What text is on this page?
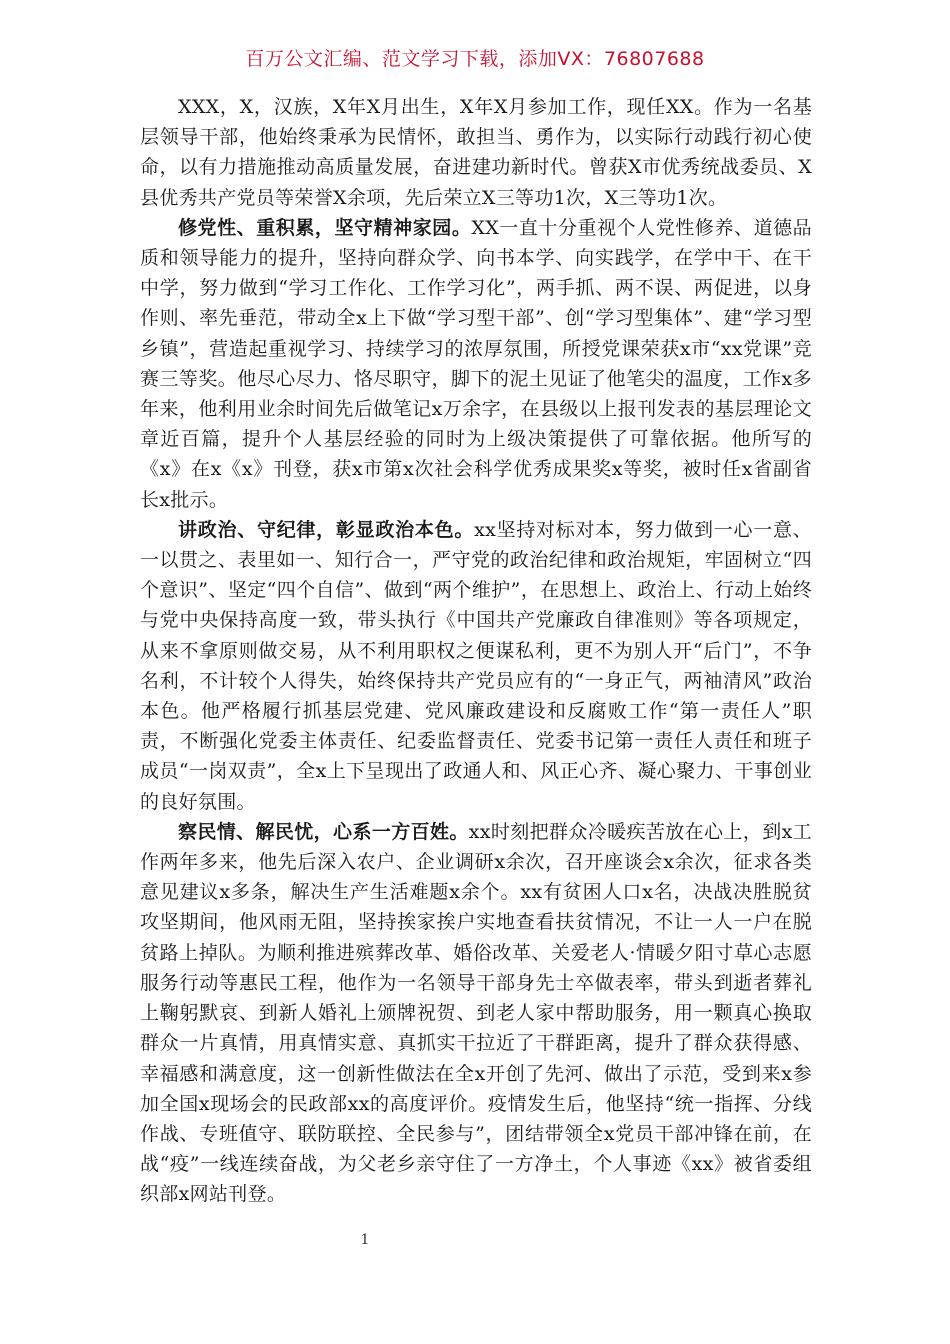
百万公文汇编、范文学习下载，添加VX：76807688

XXX，X，汉族，X年X月出生，X年X月参加工作，现任XX。作为一名基层领导干部，他始终秉承为民情怀，敢担当、勇作为，以实际行动践行初心使命，以有力措施推动高质量发展，奋进建功新时代。曾获X市优秀统战委员、X县优秀共产党员等荣誉X余项，先后荣立X三等功1次，X三等功1次。

修党性、重积累，坚守精神家园。XX一直十分重视个人党性修养、道德品质和领导能力的提升，坚持向群众学、向书本学、向实践学，在学中干、在干中学，努力做到“学习工作化、工作学习化”，两手抓、两不误、两促进，以身作则、率先垂范，带动全x上下做“学习型干部”、创“学习型集体”、建“学习型乡镇”，营造起重视学习、持续学习的浓厚氛围，所授党课荣获x市“xx党课”竞赛三等奖。他尽心尽力、恪尽职守，脚下的泥土见证了他笔尖的温度，工作x多年来，他利用业余时间先后做笔记x万余字，在县级以上报刊发表的基层理论文章近百篇，提升个人基层经验的同时为上级决策提供了可靠依据。他所写的《x》在x《x》刊登，获x市第x次社会科学优秀成果奖x等奖，被时任x省副省长x批示。

讲政治、守纪律，彰显政治本色。xx坚持对标对本，努力做到一心一意、一以贯之、表里如一、知行合一，严守党的政治纪律和政治规矩，牢固树立“四个意识”、坚定“四个自信”、做到“两个维护”，在思想上、政治上、行动上始终与党中央保持高度一致，带头执行《中国共产党廉政自律准则》等各项规定，从来不拿原则做交易，从不利用职权之便谋私利，更不为别人开“后门”，不争名利，不计较个人得失，始终保持共产党员应有的“一身正气，两袖清风”政治本色。他严格履行抓基层党建、党风廉政建设和反腐败工作“第一责任人”职责，不断强化党委主体责任、纪委监督责任、党委书记第一责任人责任和班子成员“一岗双责”，全x上下呈现出了政通人和、风正心齐、凝心聚力、干事创业的良好氛围。

察民情、解民忧，心系一方百姓。xx时刻把群众冷暖疾苦放在心上，到x工作两年多来，他先后深入农户、企业调研x余次，召开座谈会x余次，征求各类意见建议x多条，解决生产生活难题x余个。xx有贫困人口x名，决战决胜脱贫攻坚期间，他风雨无阻，坚持挨家挨户实地查看扶贫情况，不让一人一户在脱贫路上掉队。为顺利推进殡葬改革、婚俗改革、关爱老人·情暖夕阳寸草心志愿服务行动等惠民工程，他作为一名领导干部身先士卒做表率，带头到逝者葬礼上鞠躬默哀、到新人婚礼上颁牌祝贺、到老人家中帮助服务，用一颗真心换取群众一片真情，用真情实意、真抓实干拉近了干群距离，提升了群众获得感、幸福感和满意度，这一创新性做法在全x开创了先河、做出了示范，受到来x参加全国x现场会的民政部xx的高度评价。疫情发生后，他坚持“统一指挥、分线作战、专班值守、联防联控、全民参与”，团结带领全x党员干部冲锋在前，在战“疫”一线连续奋战，为父老乡亲守住了一方净土，个人事迹《xx》被省委组织部x网站刊登。

1
